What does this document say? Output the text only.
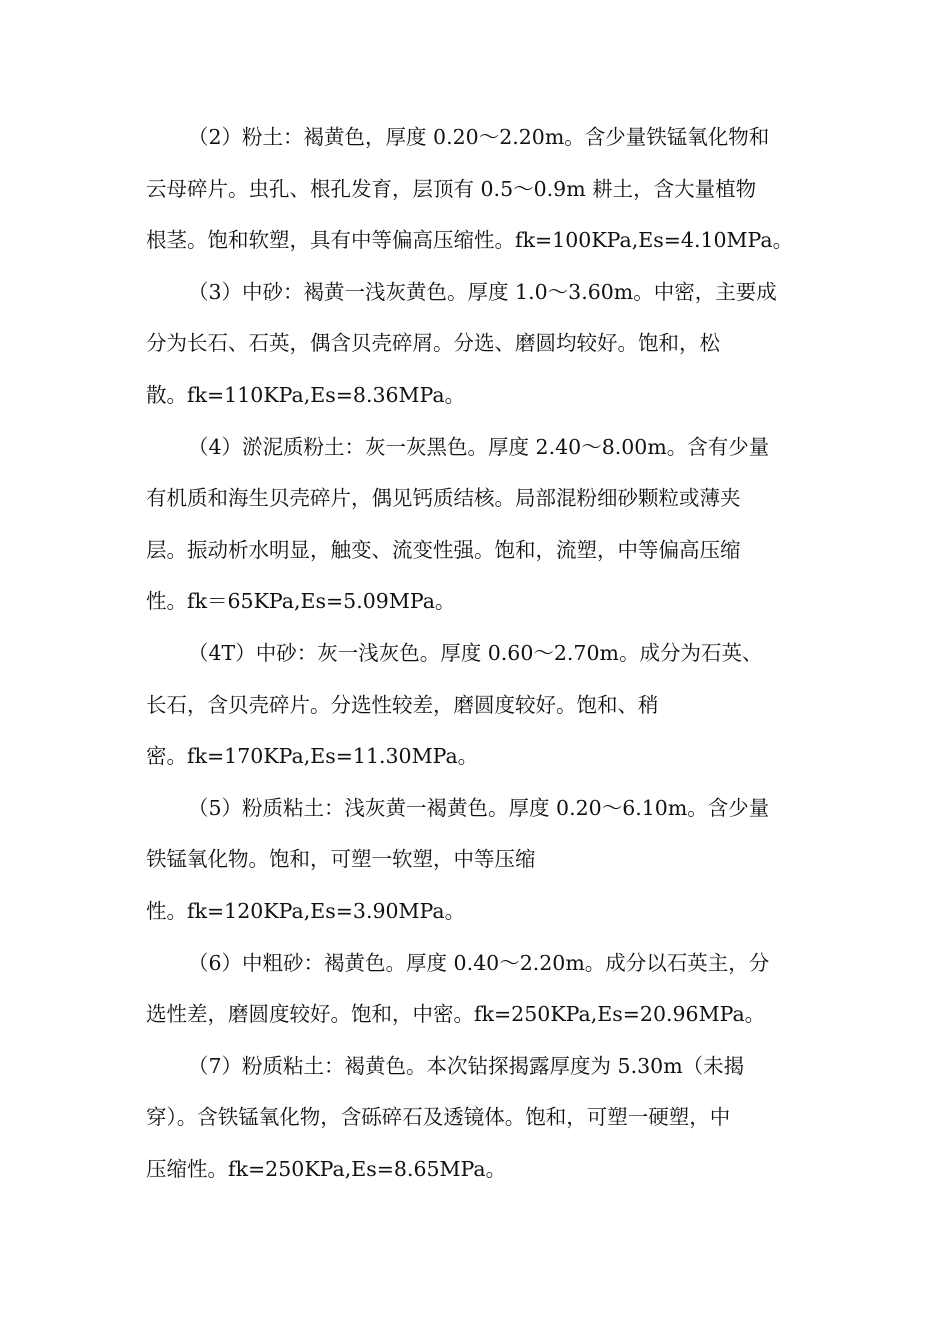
（2）粉土：褐黄色，厚度 0.20～2.20m。含少量铁锰氧化物和
云母碎片。虫孔、根孔发育，层顶有 0.5～0.9m 耕土，含大量植物
根茎。饱和软塑，具有中等偏高压缩性。fk=100KPa,Es=4.10MPa。

（3）中砂：褐黄一浅灰黄色。厚度 1.0～3.60m。中密，主要成
分为长石、石英，偶含贝壳碎屑。分选、磨圆均较好。饱和，松
散。fk=110KPa,Es=8.36MPa。

（4）淤泥质粉土：灰一灰黑色。厚度 2.40～8.00m。含有少量
有机质和海生贝壳碎片，偶见钙质结核。局部混粉细砂颗粒或薄夹
层。振动析水明显，触变、流变性强。饱和，流塑，中等偏高压缩
性。fk＝65KPa,Es=5.09MPa。

（4T）中砂：灰一浅灰色。厚度 0.60～2.70m。成分为石英、
长石，含贝壳碎片。分选性较差，磨圆度较好。饱和、稍
密。fk=170KPa,Es=11.30MPa。

（5）粉质粘土：浅灰黄一褐黄色。厚度 0.20～6.10m。含少量
铁锰氧化物。饱和，可塑一软塑，中等压缩
性。fk=120KPa,Es=3.90MPa。

（6）中粗砂：褐黄色。厚度 0.40～2.20m。成分以石英主，分
选性差，磨圆度较好。饱和，中密。fk=250KPa,Es=20.96MPa。

（7）粉质粘土：褐黄色。本次钻探揭露厚度为 5.30m（未揭
穿）。含铁锰氧化物，含砾碎石及透镜体。饱和，可塑一硬塑，中
压缩性。fk=250KPa,Es=8.65MPa。
